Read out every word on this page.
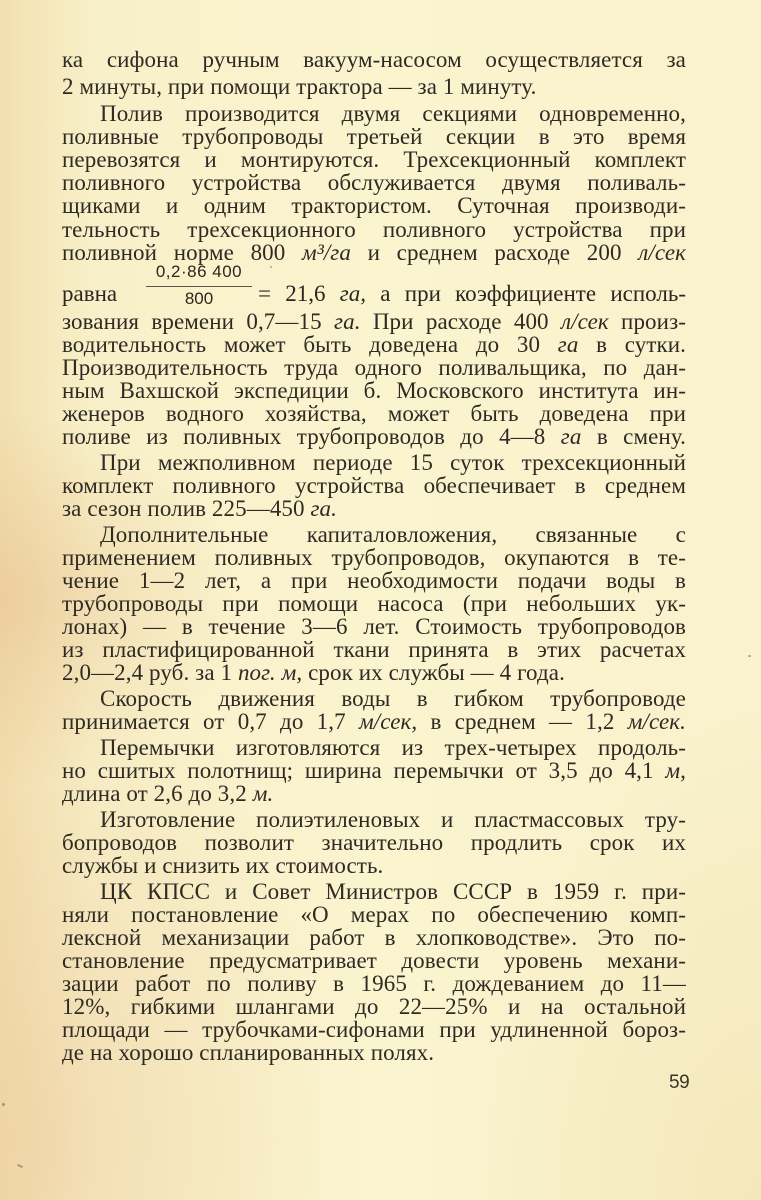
ка сифона ручным вакуум-насосом осуществляется за
2 минуты, при помощи трактора — за 1 минуту.
Полив производится двумя секциями одновременно,
поливные трубопроводы третьей секции в это время
перевозятся и монтируются. Трехсекционный комплект
поливного устройства обслуживается двумя поливаль-
щиками и одним трактористом. Суточная производи-
тельность трехсекционного поливного устройства при
поливной норме 800 м³/га и среднем расходе 200 л/сек
равна
0,2·86 400
800	= 21,6 га, а при коэффициенте исполь-
зования времени 0,7—15 га. При расходе 400 л/сек произ-
водительность может быть доведена до 30 га в сутки.
Производительность труда одного поливальщика, по дан-
ным Вахшской экспедиции б. Московского института ин-
женеров водного хозяйства, может быть доведена при
поливе из поливных трубопроводов до 4—8 га в смену.
При межполивном периоде 15 суток трехсекционный
комплект поливного устройства обеспечивает в среднем
за сезон полив 225—450 га.
Дополнительные капиталовложения, связанные с
применением поливных трубопроводов, окупаются в те-
чение 1—2 лет, а при необходимости подачи воды в
трубопроводы при помощи насоса (при небольших ук-
лонах) — в течение 3—6 лет. Стоимость трубопроводов
из пластифицированной ткани принята в этих расчетах
2,0—2,4 руб. за 1 пог. м, срок их службы — 4 года.
Скорость движения воды в гибком трубопроводе
принимается от 0,7 до 1,7 м/сек, в среднем — 1,2 м/сек.
Перемычки изготовляются из трех-четырех продоль-
но сшитых полотнищ; ширина перемычки от 3,5 до 4,1 м,
длина от 2,6 до 3,2 м.
Изготовление полиэтиленовых и пластмассовых тру-
бопроводов позволит значительно продлить срок их
службы и снизить их стоимость.
ЦК КПСС и Совет Министров СССР в 1959 г. при-
няли постановление «О мерах по обеспечению комп-
лексной механизации работ в хлопководстве». Это по-
становление предусматривает довести уровень механи-
зации работ по поливу в 1965 г. дождеванием до 11—
12%, гибкими шлангами до 22—25% и на остальной
площади — трубочками-сифонами при удлиненной бороз-
де на хорошо спланированных полях.
59
